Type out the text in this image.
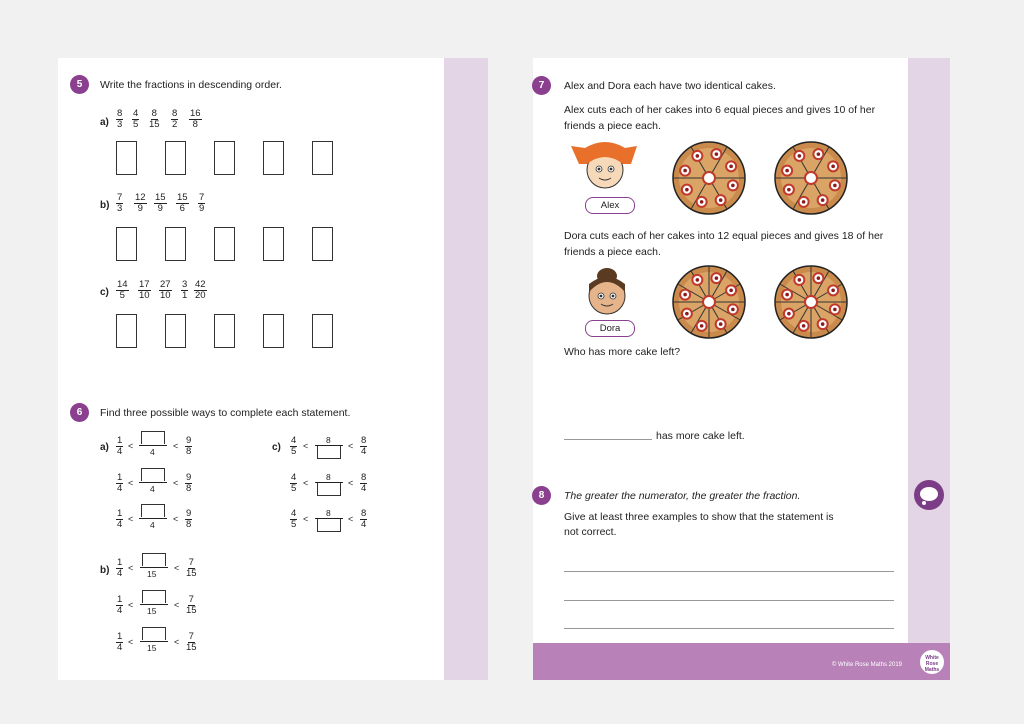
© White Rose Maths 2019
White
Rose
Maths
5	Write the fractions in descending order.
$a) \frac{8}{3} \frac{4}{5} \frac{8}{15} \frac{8}{2} \frac{16}{8}$
$b) \frac{7}{3} \frac{12}{9} \frac{15}{9} \frac{15}{6} \frac{7}{9}$
$c) \frac{14}{5} \frac{17}{10} \frac{27}{10} \frac{3}{1} \frac{42}{20}$
6	Find three possible ways to complete each statement.
$a) \frac{1}{4}$ <
4
< $\frac{9}{8}$
$\frac{1}{4}$ <
4
< $\frac{9}{8}$
$\frac{1}{4}$ <
4
< $\frac{9}{8}$
$b) \frac{1}{4}$ <
15
< $\frac{7}{15}$
$\frac{1}{4}$ <
15
< $\frac{7}{15}$
$\frac{1}{4}$ <
15
< $\frac{7}{15}$
$c) \frac{4}{5}$ <
8
< $\frac{8}{4}$
$\frac{4}{5}$ <
8
< $\frac{8}{4}$
$\frac{4}{5}$ <
8
< $\frac{8}{4}$
7	Alex and Dora each have two identical cakes.
Alex cuts each of her cakes into 6 equal pieces and gives 10 of her
friends a piece each.
Alex
Dora cuts each of her cakes into 12 equal pieces and gives 18 of her
friends a piece each.
Dora
Who has more cake left?
has more cake left.
8	The greater the numerator, the greater the fraction.
Give at least three examples to show that the statement is
not correct.
